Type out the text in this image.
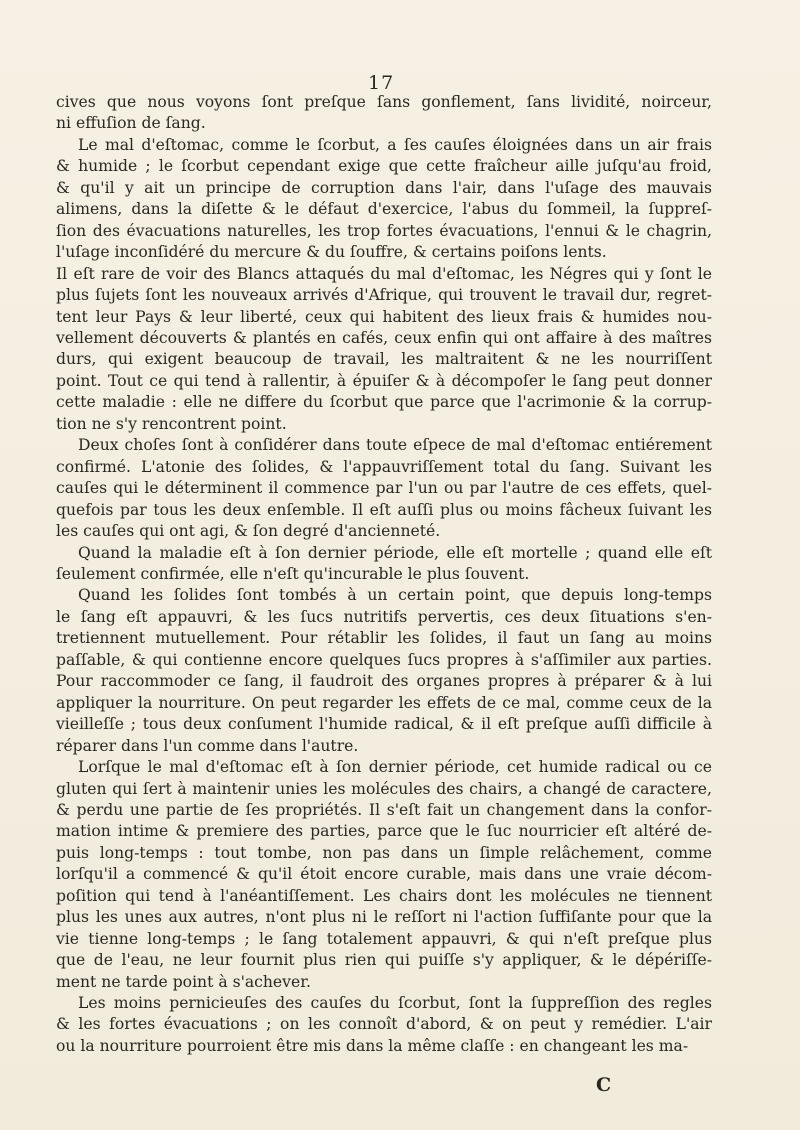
17
cives que nous voyons ſont preſque ſans gonflement, ſans lividité, noirceur,
ni effuſion de ſang.
Le mal d'eſtomac, comme le ſcorbut, a ſes cauſes éloignées dans un air frais
& humide ; le ſcorbut cependant exige que cette fraîcheur aille juſqu'au froid,
& qu'il y ait un principe de corruption dans l'air, dans l'uſage des mauvais
alimens, dans la diſette & le défaut d'exercice, l'abus du ſommeil, la ſuppreſ-
ſion des évacuations naturelles, les trop fortes évacuations, l'ennui & le chagrin,
l'uſage inconſidéré du mercure & du ſouffre, & certains poiſons lents.
Il eſt rare de voir des Blancs attaqués du mal d'eſtomac, les Négres qui y ſont le
plus ſujets ſont les nouveaux arrivés d'Afrique, qui trouvent le travail dur, regret-
tent leur Pays & leur liberté, ceux qui habitent des lieux frais & humides nou-
vellement découverts & plantés en cafés, ceux enfin qui ont affaire à des maîtres
durs, qui exigent beaucoup de travail, les maltraitent & ne les nourriſſent
point. Tout ce qui tend à rallentir, à épuiſer & à décompoſer le ſang peut donner
cette maladie : elle ne differe du ſcorbut que parce que l'acrimonie & la corrup-
tion ne s'y rencontrent point.
Deux choſes ſont à conſidérer dans toute eſpece de mal d'eſtomac entiérement
confirmé. L'atonie des ſolides, & l'appauvriſſement total du ſang. Suivant les
cauſes qui le déterminent il commence par l'un ou par l'autre de ces effets, quel-
quefois par tous les deux enſemble. Il eſt auſſi plus ou moins fâcheux ſuivant les
les cauſes qui ont agi, & ſon degré d'ancienneté.
Quand la maladie eſt à ſon dernier période, elle eſt mortelle ; quand elle eſt
ſeulement confirmée, elle n'eſt qu'incurable le plus ſouvent.
Quand les ſolides ſont tombés à un certain point, que depuis long-temps
le ſang eſt appauvri, & les ſucs nutritifs pervertis, ces deux ſituations s'en-
tretiennent mutuellement. Pour rétablir les ſolides, il faut un ſang au moins
paſſable, & qui contienne encore quelques ſucs propres à s'aſſimiler aux parties.
Pour raccommoder ce ſang, il faudroit des organes propres à préparer & à lui
appliquer la nourriture. On peut regarder les effets de ce mal, comme ceux de la
vieilleſſe ; tous deux conſument l'humide radical, & il eſt preſque auſſi difficile à
réparer dans l'un comme dans l'autre.
Lorſque le mal d'eſtomac eſt à ſon dernier période, cet humide radical ou ce
gluten qui ſert à maintenir unies les molécules des chairs, a changé de caractere,
& perdu une partie de ſes propriétés. Il s'eſt fait un changement dans la confor-
mation intime & premiere des parties, parce que le ſuc nourricier eſt altéré de-
puis long-temps : tout tombe, non pas dans un ſimple relâchement, comme
lorſqu'il a commencé & qu'il étoit encore curable, mais dans une vraie décom-
poſition qui tend à l'anéantiſſement. Les chairs dont les molécules ne tiennent
plus les unes aux autres, n'ont plus ni le reſſort ni l'action ſuffiſante pour que la
vie tienne long-temps ; le ſang totalement appauvri, & qui n'eſt preſque plus
que de l'eau, ne leur fournit plus rien qui puiſſe s'y appliquer, & le dépériſſe-
ment ne tarde point à s'achever.
Les moins pernicieuſes des cauſes du ſcorbut, ſont la ſuppreſſion des regles
& les fortes évacuations ; on les connoît d'abord, & on peut y remédier. L'air
ou la nourriture pourroient être mis dans la même claſſe : en changeant les ma-
C
